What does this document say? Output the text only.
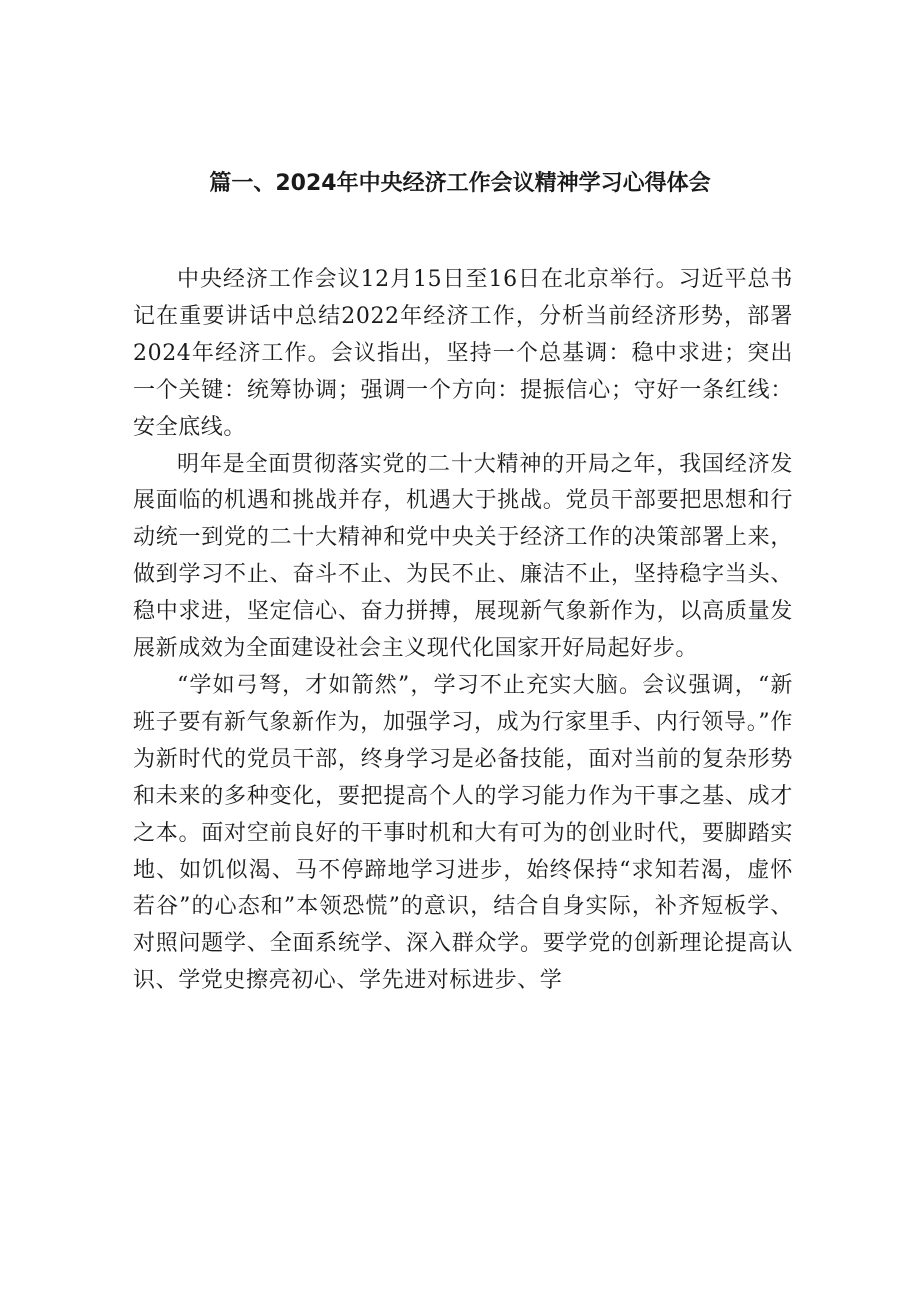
篇一、2024年中央经济工作会议精神学习心得体会

中央经济工作会议12月15日至16日在北京举行。习近平总书记在重要讲话中总结2022年经济工作，分析当前经济形势，部署2024年经济工作。会议指出，坚持一个总基调：稳中求进；突出一个关键：统筹协调；强调一个方向：提振信心；守好一条红线：安全底线。

明年是全面贯彻落实党的二十大精神的开局之年，我国经济发展面临的机遇和挑战并存，机遇大于挑战。党员干部要把思想和行动统一到党的二十大精神和党中央关于经济工作的决策部署上来，做到学习不止、奋斗不止、为民不止、廉洁不止，坚持稳字当头、稳中求进，坚定信心、奋力拼搏，展现新气象新作为，以高质量发展新成效为全面建设社会主义现代化国家开好局起好步。

“学如弓弩，才如箭然”，学习不止充实大脑。会议强调，“新班子要有新气象新作为，加强学习，成为行家里手、内行领导。”作为新时代的党员干部，终身学习是必备技能，面对当前的复杂形势和未来的多种变化，要把提高个人的学习能力作为干事之基、成才之本。面对空前良好的干事时机和大有可为的创业时代，要脚踏实地、如饥似渴、马不停蹄地学习进步，始终保持“求知若渴，虚怀若谷”的心态和”本领恐慌”的意识，结合自身实际，补齐短板学、对照问题学、全面系统学、深入群众学。要学党的创新理论提高认识、学党史擦亮初心、学先进对标进步、学
